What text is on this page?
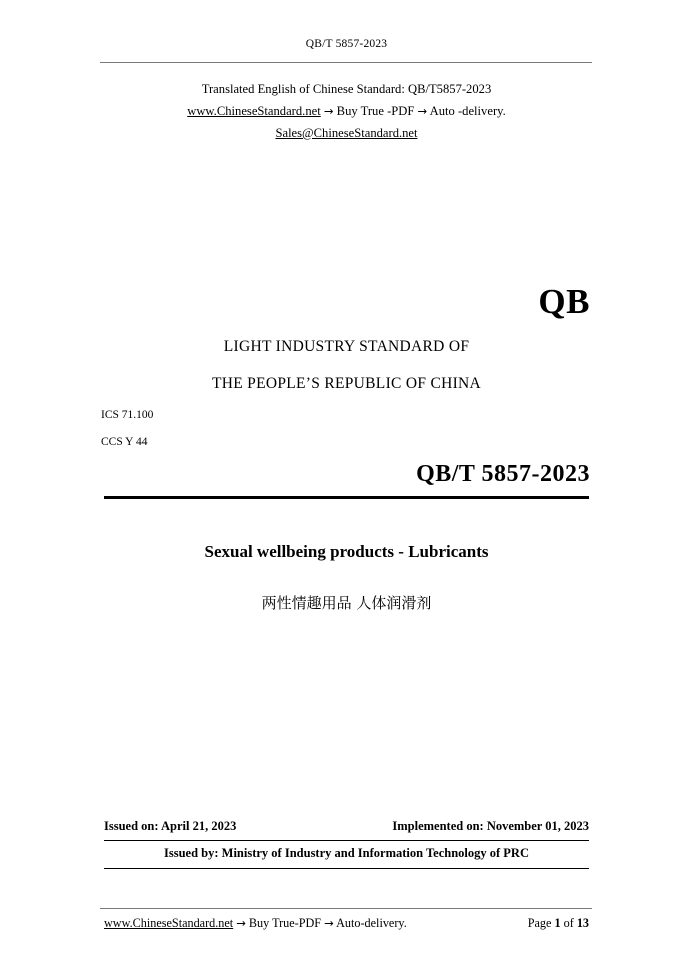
QB/T 5857-2023
Translated English of Chinese Standard: QB/T5857-2023
www.ChineseStandard.net → Buy True -PDF → Auto -delivery.
Sales@ChineseStandard.net
QB
LIGHT INDUSTRY STANDARD OF
THE PEOPLE’S REPUBLIC OF CHINA
ICS 71.100
CCS Y 44
QB/T 5857-2023
Sexual wellbeing products - Lubricants
两性情趣用品 人体润滑剂
Issued on: April 21, 2023	Implemented on: November 01, 2023
Issued by: Ministry of Industry and Information Technology of PRC
www.ChineseStandard.net → Buy True-PDF → Auto-delivery.	Page 1 of 13
